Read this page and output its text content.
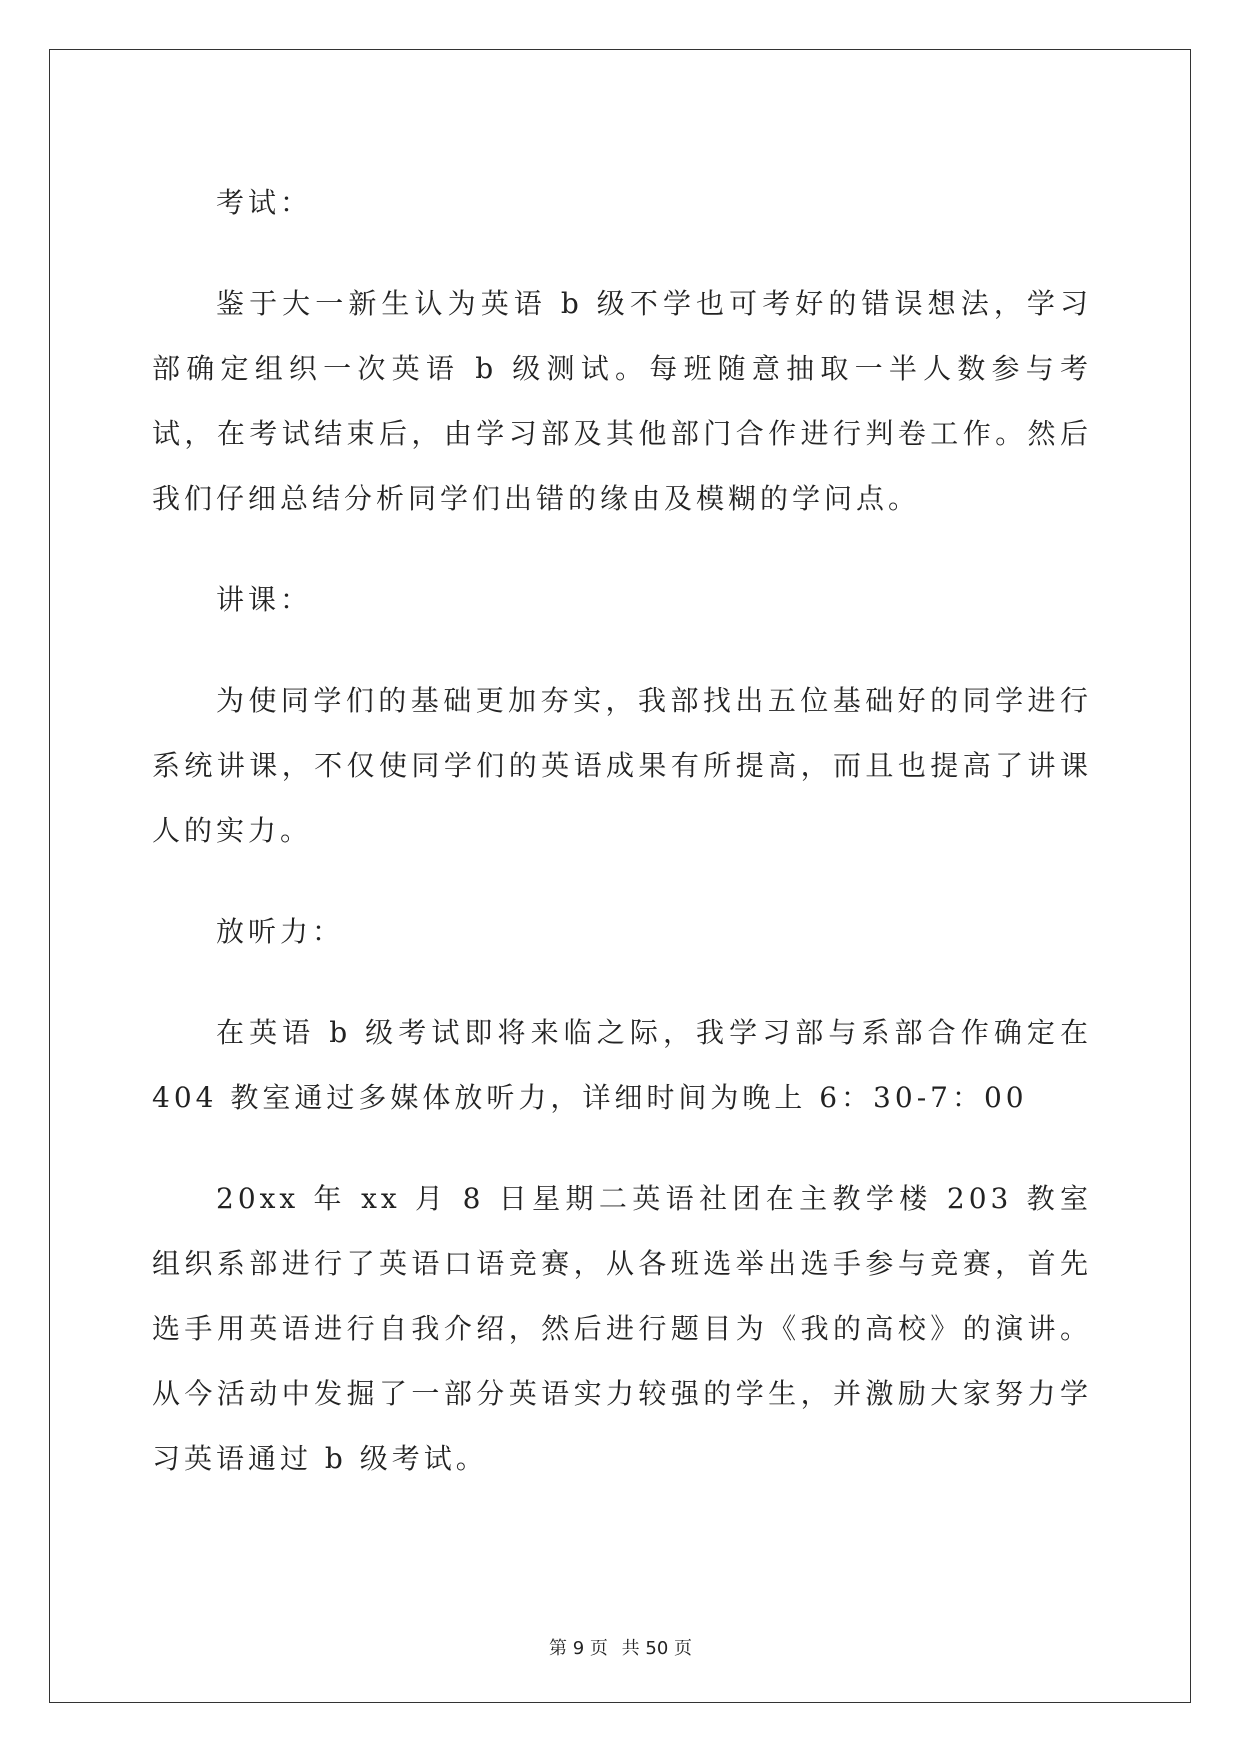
考试：

鉴于大一新生认为英语 b 级不学也可考好的错误想法，学习部确定组织一次英语 b 级测试。每班随意抽取一半人数参与考试，在考试结束后，由学习部及其他部门合作进行判卷工作。然后我们仔细总结分析同学们出错的缘由及模糊的学问点。

讲课：

为使同学们的基础更加夯实，我部找出五位基础好的同学进行系统讲课，不仅使同学们的英语成果有所提高，而且也提高了讲课人的实力。

放听力：

在英语 b 级考试即将来临之际，我学习部与系部合作确定在 404 教室通过多媒体放听力，详细时间为晚上 6：30-7：00

20xx 年 xx 月 8 日星期二英语社团在主教学楼 203 教室组织系部进行了英语口语竞赛，从各班选举出选手参与竞赛，首先选手用英语进行自我介绍，然后进行题目为《我的高校》的演讲。从今活动中发掘了一部分英语实力较强的学生，并激励大家努力学习英语通过 b 级考试。

第 9 页 共 50 页
